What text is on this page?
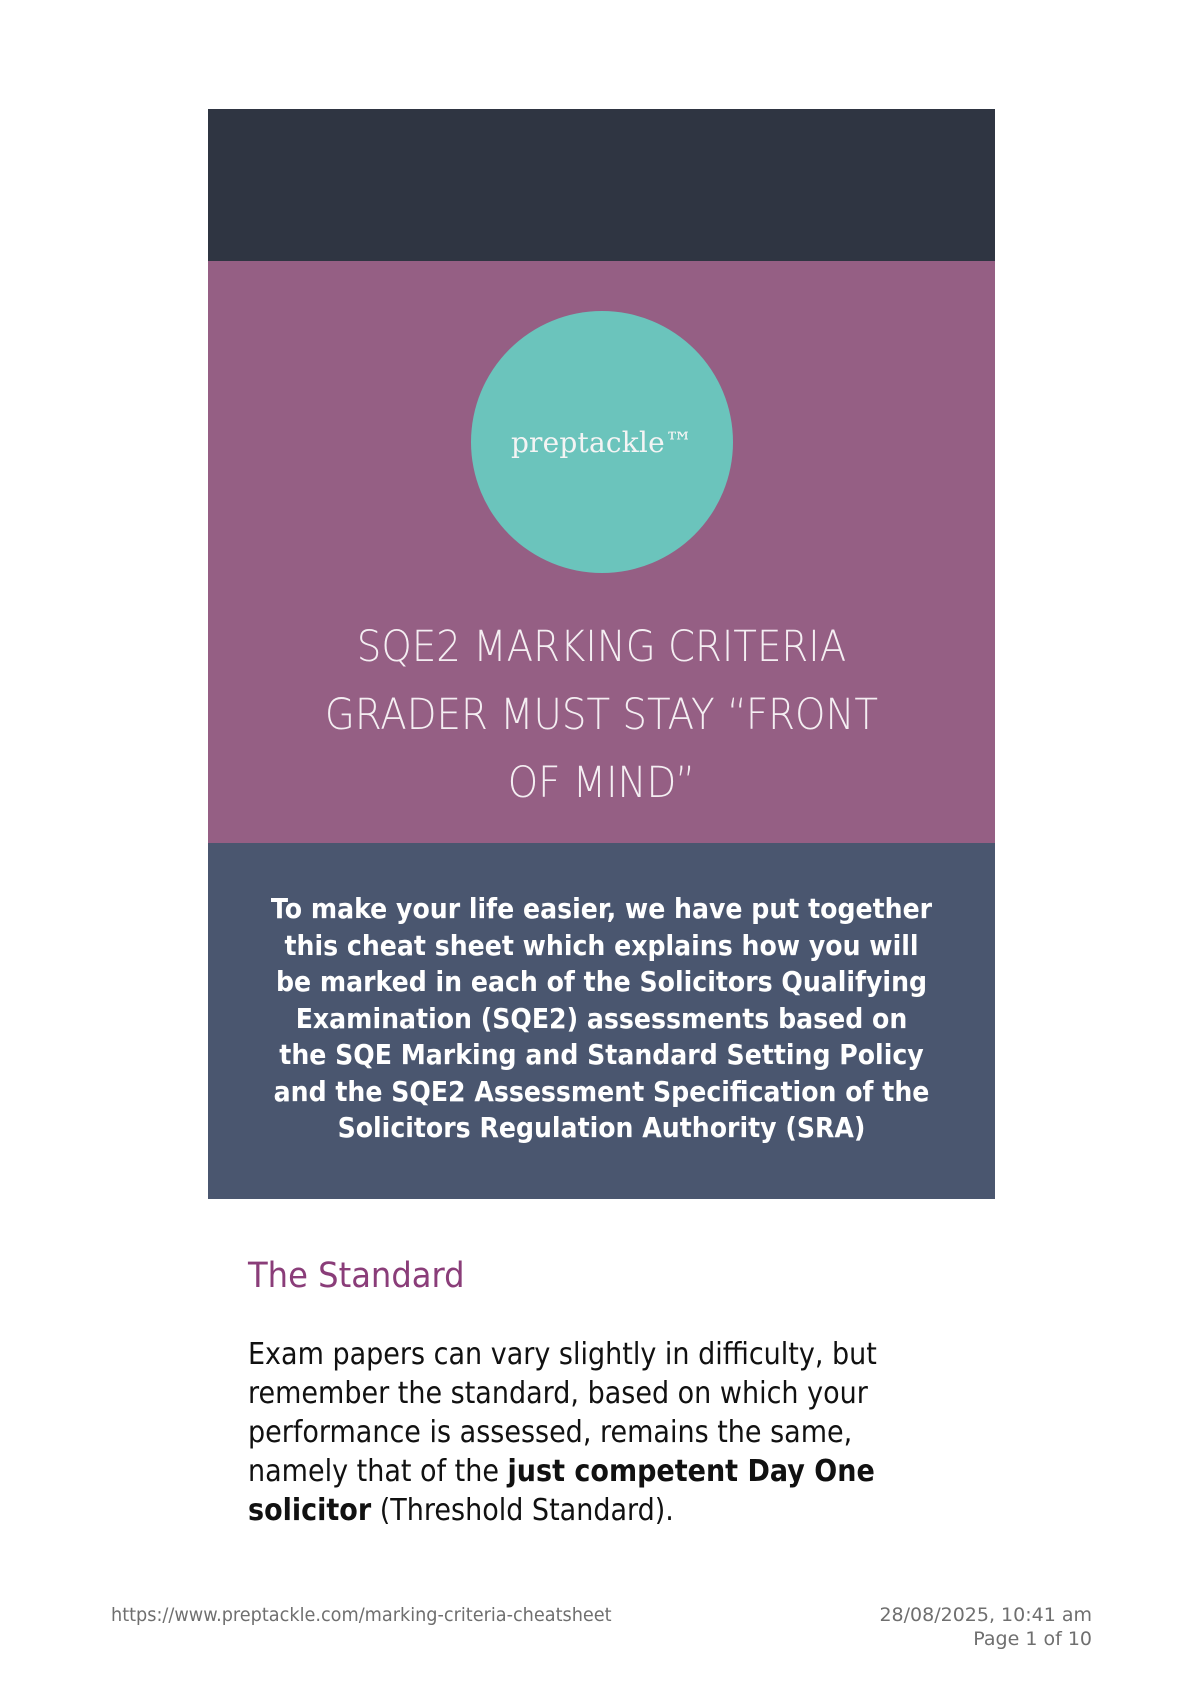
preptackle™
SQE2 MARKING CRITERIA
GRADER MUST STAY “FRONT
OF MIND”
To make your life easier, we have put together
this cheat sheet which explains how you will
be marked in each of the Solicitors Qualifying
Examination (SQE2) assessments based on
the SQE Marking and Standard Setting Policy
and the SQE2 Assessment Specification of the
Solicitors Regulation Authority (SRA)
The Standard
Exam papers can vary slightly in difficulty, but
remember the standard, based on which your
performance is assessed, remains the same,
namely that of the just competent Day One
solicitor (Threshold Standard).
https://www.preptackle.com/marking-criteria-cheatsheet	28/08/2025, 10:41 am
Page 1 of 10
